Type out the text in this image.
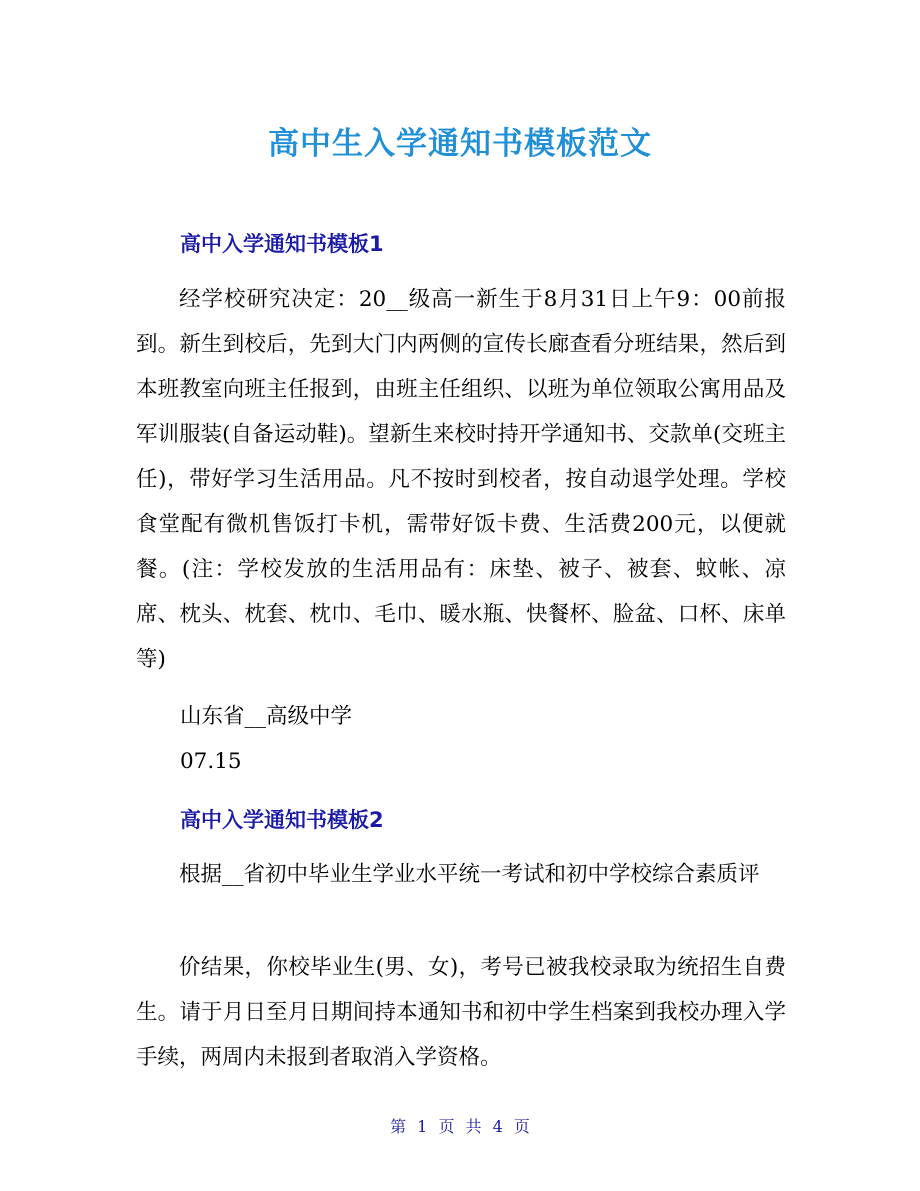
高中生入学通知书模板范文
高中入学通知书模板1

经学校研究决定：20__级高一新生于8月31日上午9：00前报到。新生到校后，先到大门内两侧的宣传长廊查看分班结果，然后到本班教室向班主任报到，由班主任组织、以班为单位领取公寓用品及军训服装(自备运动鞋)。望新生来校时持开学通知书、交款单(交班主任)，带好学习生活用品。凡不按时到校者，按自动退学处理。学校食堂配有微机售饭打卡机，需带好饭卡费、生活费200元，以便就餐。(注：学校发放的生活用品有：床垫、被子、被套、蚊帐、凉席、枕头、枕套、枕巾、毛巾、暖水瓶、快餐杯、脸盆、口杯、床单等)

山东省__高级中学
07.15
高中入学通知书模板2

根据__省初中毕业生学业水平统一考试和初中学校综合素质评

价结果，你校毕业生(男、女)，考号已被我校录取为统招生自费生。请于月日至月日期间持本通知书和初中学生档案到我校办理入学手续，两周内未报到者取消入学资格。

第 1 页 共 4 页
